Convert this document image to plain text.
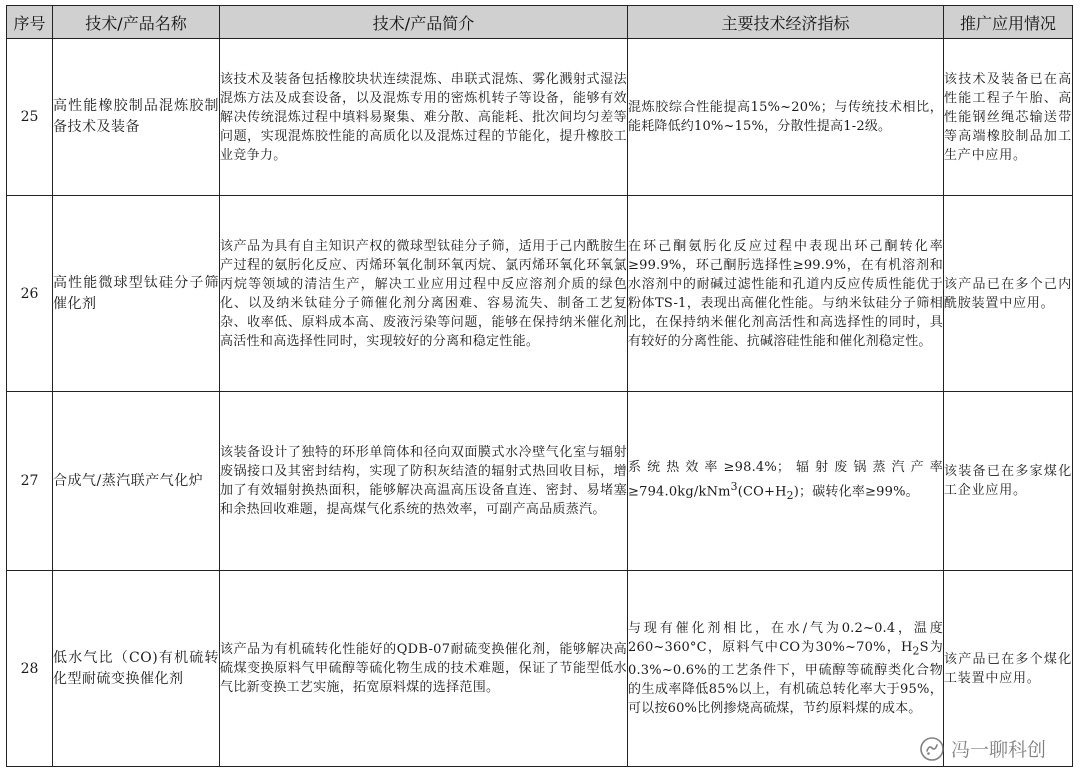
序号	技术/产品名称	技术/产品简介	主要技术经济指标	推广应用情况
25	高性能橡胶制品混炼胶制备技术及装备	该技术及装备包括橡胶块状连续混炼、串联式混炼、雾化溅射式湿法混炼方法及成套设备，以及混炼专用的密炼机转子等设备，能够有效解决传统混炼过程中填料易聚集、难分散、高能耗、批次间均匀差等问题，实现混炼胶性能的高质化以及混炼过程的节能化，提升橡胶工业竞争力。	混炼胶综合性能提高15%~20%；与传统技术相比，能耗降低约10%~15%，分散性提高1-2级。	该技术及装备已在高性能工程子午胎、高性能钢丝绳芯输送带等高端橡胶制品加工生产中应用。
26	高性能微球型钛硅分子筛催化剂	该产品为具有自主知识产权的微球型钛硅分子筛，适用于己内酰胺生产过程的氨肟化反应、丙烯环氧化制环氧丙烷、氯丙烯环氧化环氧氯丙烷等领域的清洁生产，解决工业应用过程中反应溶剂介质的绿色化、以及纳米钛硅分子筛催化剂分离困难、容易流失、制备工艺复杂、收率低、原料成本高、废液污染等问题，能够在保持纳米催化剂高活性和高选择性同时，实现较好的分离和稳定性能。	在环己酮氨肟化反应过程中表现出环己酮转化率≥99.9%，环己酮肟选择性≥99.9%，在有机溶剂和水溶剂中的耐碱过滤性能和孔道内反应传质性能优于粉体TS-1，表现出高催化性能。与纳米钛硅分子筛相比，在保持纳米催化剂高活性和高选择性的同时，具有较好的分离性能、抗碱溶硅性能和催化剂稳定性。	该产品已在多个己内酰胺装置中应用。
27	合成气/蒸汽联产气化炉	该装备设计了独特的环形单筒体和径向双面膜式水冷壁气化室与辐射废锅接口及其密封结构，实现了防积灰结渣的辐射式热回收目标，增加了有效辐射换热面积，能够解决高温高压设备直连、密封、易堵塞和余热回收难题，提高煤气化系统的热效率，可副产高品质蒸汽。	系统热效率≥98.4%；辐射废锅蒸汽产率$\ge 794.0kg/kNm^3(CO+H_2)$；碳转化率≥99%。	该装备已在多家煤化工企业应用。
28	低水气比（CO)有机硫转化型耐硫变换催化剂	该产品为有机硫转化性能好的QDB-07耐硫变换催化剂，能够解决高硫煤变换原料气甲硫醇等硫化物生成的技术难题，保证了节能型低水气比新变换工艺实施，拓宽原料煤的选择范围。	与现有催化剂相比，在水/气为0.2~0.4，温度260~360°C，原料气中CO为30%~70%，$H_2S$为0.3%~0.6%的工艺条件下，甲硫醇等硫醇类化合物的生成率降低85%以上，有机硫总转化率大于95%，可以按60%比例掺烧高硫煤，节约原料煤的成本。	该产品已在多个煤化工装置中应用。
冯一聊科创
